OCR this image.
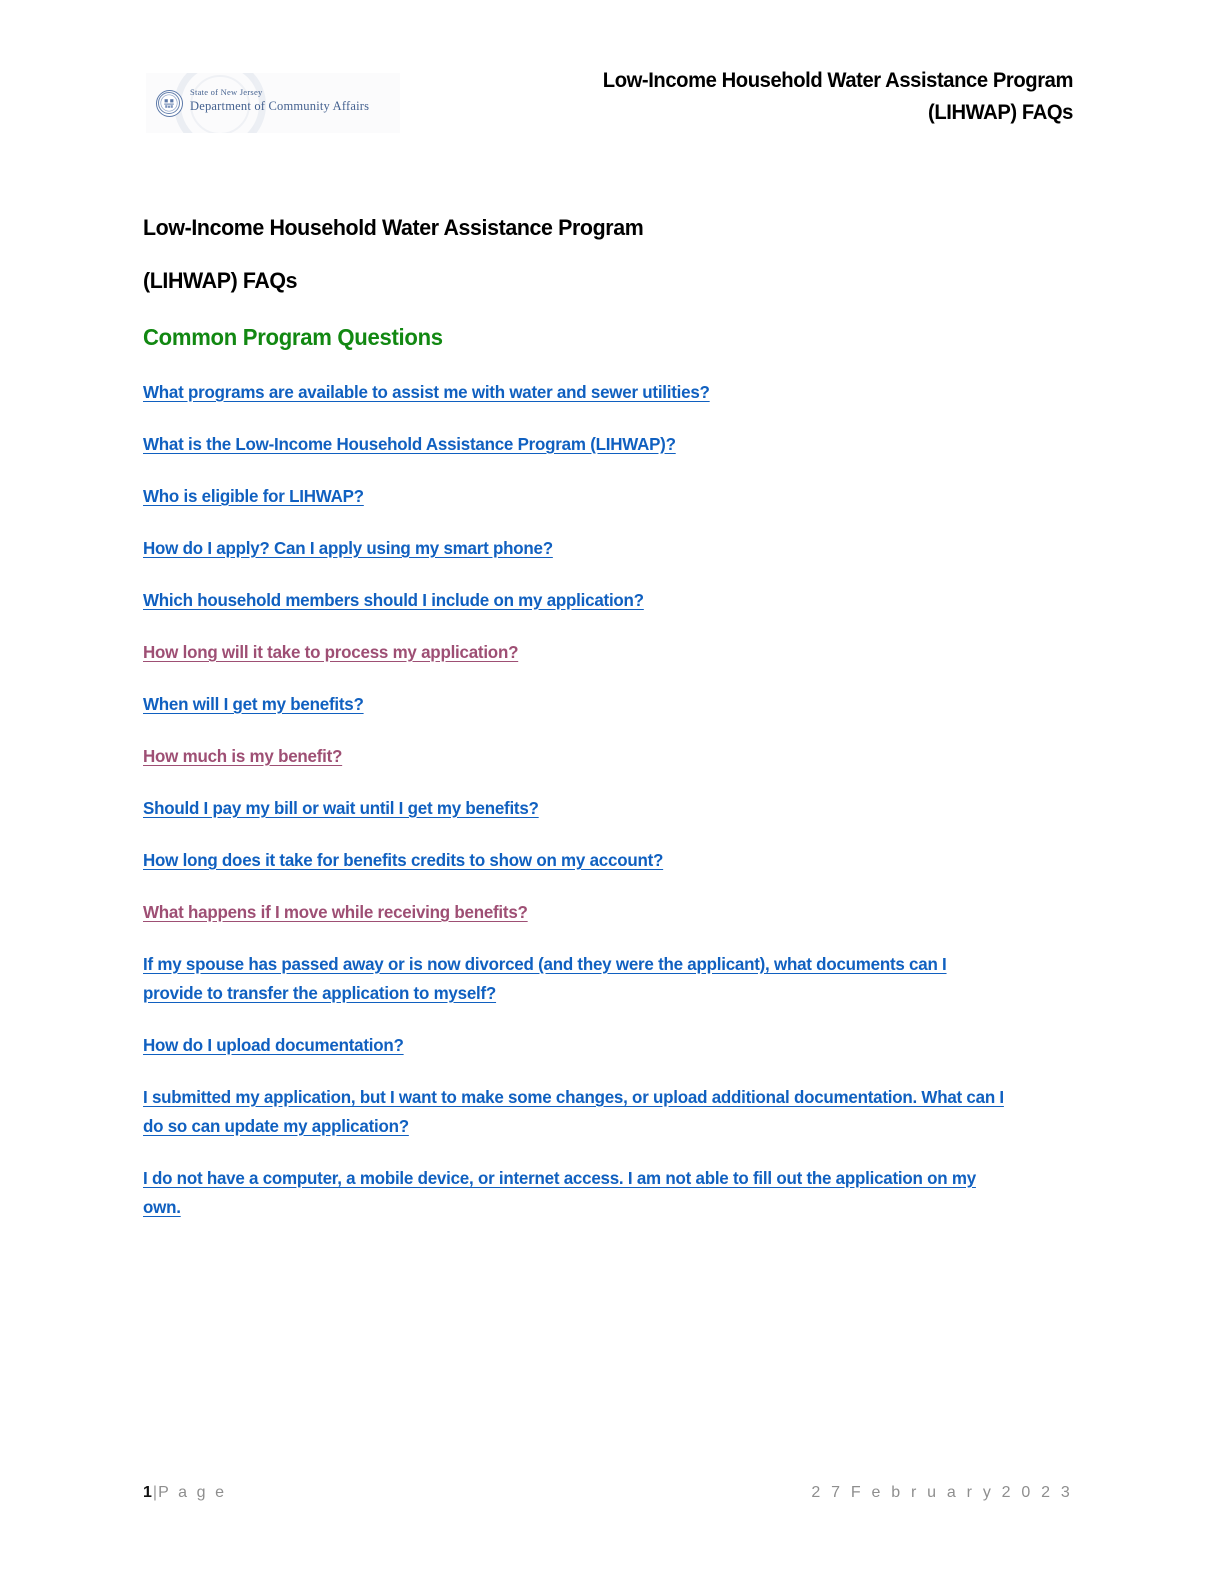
State of New Jersey
Department of Community Affairs
Low-Income Household Water Assistance Program
(LIHWAP) FAQs
Low-Income Household Water Assistance Program
(LIHWAP) FAQs
Common Program Questions
What programs are available to assist me with water and sewer utilities?
What is the Low-Income Household Assistance Program (LIHWAP)?
Who is eligible for LIHWAP?
How do I apply? Can I apply using my smart phone?
Which household members should I include on my application?
How long will it take to process my application?
When will I get my benefits?
How much is my benefit?
Should I pay my bill or wait until I get my benefits?
How long does it take for benefits credits to show on my account?
What happens if I move while receiving benefits?
If my spouse has passed away or is now divorced (and they were the applicant), what documents can I provide to transfer the application to myself?
How do I upload documentation?
I submitted my application, but I want to make some changes, or upload additional documentation. What can I do so can update my application?
I do not have a computer, a mobile device, or internet access. I am not able to fill out the application on my own.
1|P a g e	2 7 F e b r u a r y 2 0 2 3
